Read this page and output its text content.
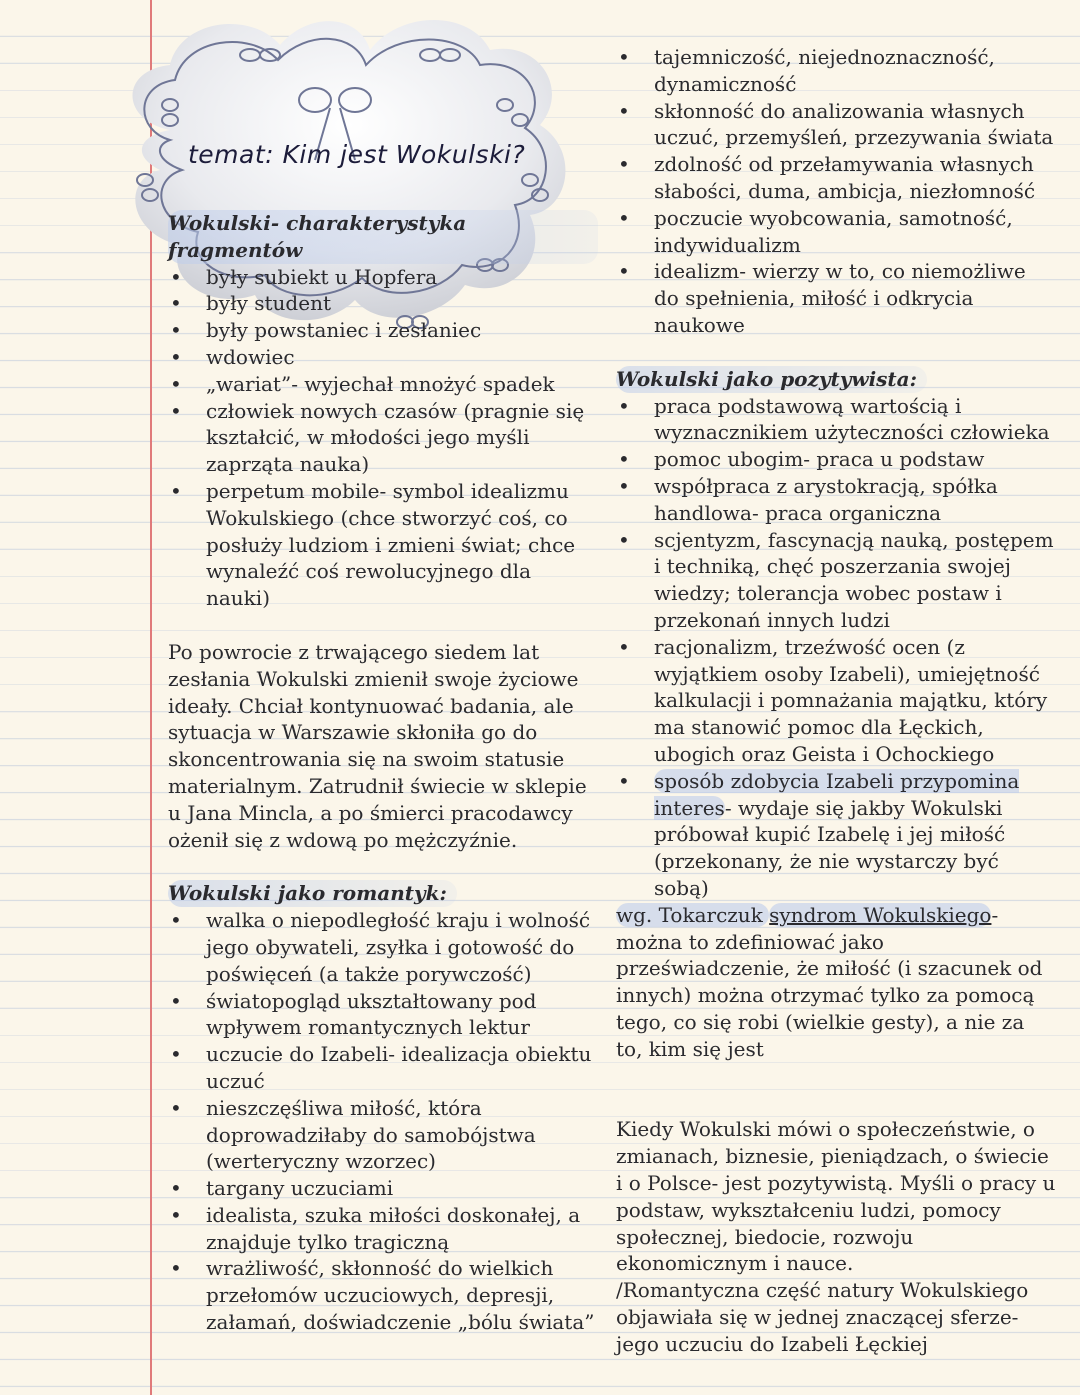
temat: Kim jest Wokulski?

Wokulski- charakterystyka fragmentów

• były subiekt u Hopfera
• były student
• były powstaniec i zesłaniec
• wdowiec
• „wariat”- wyjechał mnożyć spadek
• człowiek nowych czasów (pragnie się kształcić, w młodości jego myśli zaprząta nauka)
• perpetum mobile- symbol idealizmu Wokulskiego (chce stworzyć coś, co posłuży ludziom i zmieni świat; chce wynaleźć coś rewolucyjnego dla nauki)

Po powrocie z trwającego siedem lat zesłania Wokulski zmienił swoje życiowe ideały. Chciał kontynuować badania, ale sytuacja w Warszawie skłoniła go do skoncentrowania się na swoim statusie materialnym. Zatrudnił świecie w sklepie u Jana Mincla, a po śmierci pracodawcy ożenił się z wdową po mężczyźnie.

Wokulski jako romantyk:

• walka o niepodległość kraju i wolność jego obywateli, zsyłka i gotowość do poświęceń (a także porywczość)
• światopogląd ukształtowany pod wpływem romantycznych lektur
• uczucie do Izabeli- idealizacja obiektu uczuć
• nieszczęśliwa miłość, która doprowadziłaby do samobójstwa (werteryczny wzorzec)
• targany uczuciami
• idealista, szuka miłości doskonałej, a znajduje tylko tragiczną
• wrażliwość, skłonność do wielkich przełomów uczuciowych, depresji, załamań, doświadczenie „bólu świata”
• tajemniczość, niejednoznaczność, dynamiczność
• skłonność do analizowania własnych uczuć, przemyśleń, przezywania świata
• zdolność od przełamywania własnych słabości, duma, ambicja, niezłomność
• poczucie wyobcowania, samotność, indywidualizm
• idealizm- wierzy w to, co niemożliwe do spełnienia, miłość i odkrycia naukowe

Wokulski jako pozytywista:

• praca podstawową wartością i wyznacznikiem użyteczności człowieka
• pomoc ubogim- praca u podstaw
• współpraca z arystokracją, spółka handlowa- praca organiczna
• scjentyzm, fascynacją nauką, postępem i techniką, chęć poszerzania swojej wiedzy; tolerancja wobec postaw i przekonań innych ludzi
• racjonalizm, trzeźwość ocen (z wyjątkiem osoby Izabeli), umiejętność kalkulacji i pomnażania majątku, który ma stanowić pomoc dla Łęckich, ubogich oraz Geista i Ochockiego
• sposób zdobycia Izabeli przypomina interes- wydaje się jakby Wokulski próbował kupić Izabelę i jej miłość (przekonany, że nie wystarczy być sobą)

wg. Tokarczuk syndrom Wokulskiego- można to zdefiniować jako przeświadczenie, że miłość (i szacunek od innych) można otrzymać tylko za pomocą tego, co się robi (wielkie gesty), a nie za to, kim się jest

Kiedy Wokulski mówi o społeczeństwie, o zmianach, biznesie, pieniądzach, o świecie i o Polsce- jest pozytywistą. Myśli o pracy u podstaw, wykształceniu ludzi, pomocy społecznej, biedocie, rozwoju ekonomicznym i nauce.

/Romantyczna część natury Wokulskiego objawiała się w jednej znaczącej sferze- jego uczuciu do Izabeli Łęckiej
